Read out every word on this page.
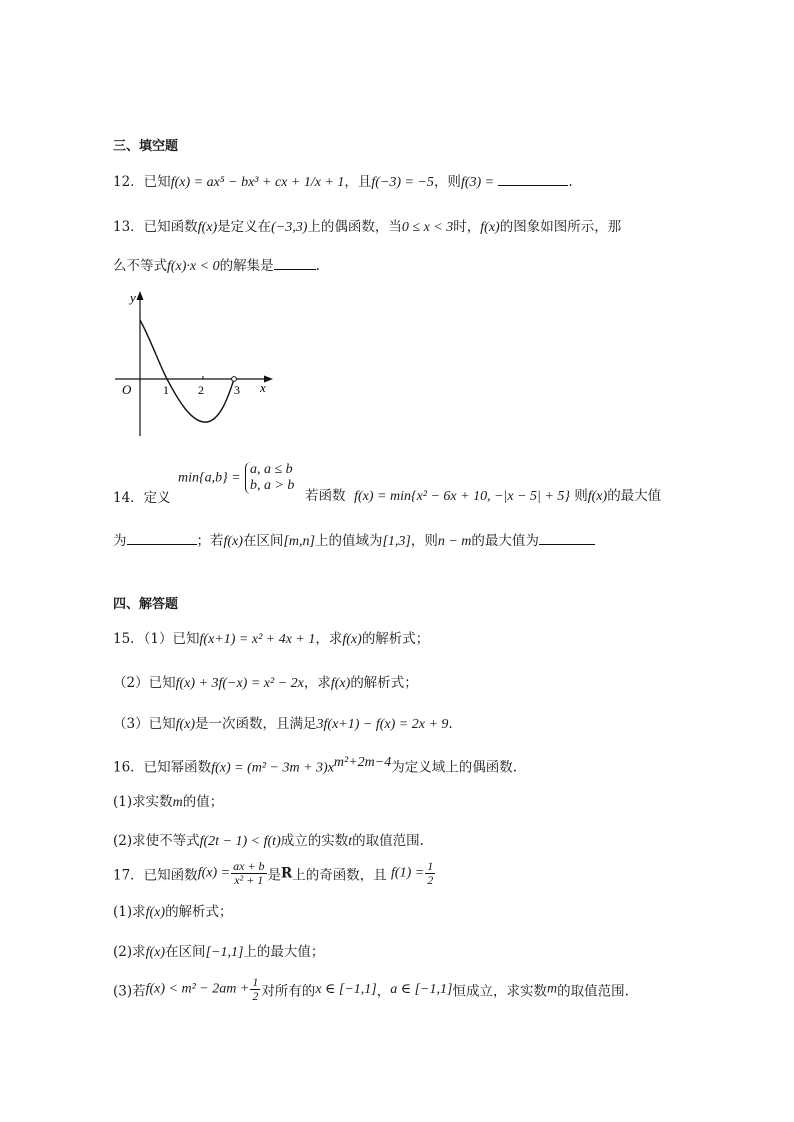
三、填空题
12．已知f(x) = ax⁵ − bx³ + cx + 1/x + 1，且f(−3) = −5，则f(3) =	.
13．已知函数f(x)是定义在(−3,3)上的偶函数，当0 ≤ x < 3时，f(x)的图象如图所示，那
么不等式f(x)·x < 0的解集是	.
y
x
O	1 2	3
min{a,b} =
a, a ≤ b
b, a > b
14．定义	若函数 f(x) = min{x² − 6x + 10, −|x − 5| + 5} 则f(x)的最大值
为	；若f(x)在区间[m,n]上的值域为[1,3]，则n − m的最大值为
四、解答题
15．（1）已知f(x+1) = x² + 4x + 1，求f(x)的解析式；
（2）已知f(x) + 3f(−x) = x² − 2x，求f(x)的解析式；
（3）已知f(x)是一次函数，且满足3f(x+1) − f(x) = 2x + 9.
16．已知幂函数$f(x) = (m^2 - 3m + 3)x^{m^2+2m-4}$为定义域上的偶函数.
(1)求实数m的值；
(2)求使不等式f(2t − 1) < f(t)成立的实数t的取值范围.
17．已知函数$f(x) = \frac{ax + b}{\text{x² + 1}}$ 是R上的奇函数，且 $f(1) = \frac{1}{2}$
(1)求f(x)的解析式；
(2)求f(x)在区间[−1,1]上的最大值；
(3)若$f(x) < m^2 - 2am + \frac{1}{2}$ 对所有的x ∈ [−1,1]，a ∈ [−1,1]恒成立，求实数m的取值范围.
